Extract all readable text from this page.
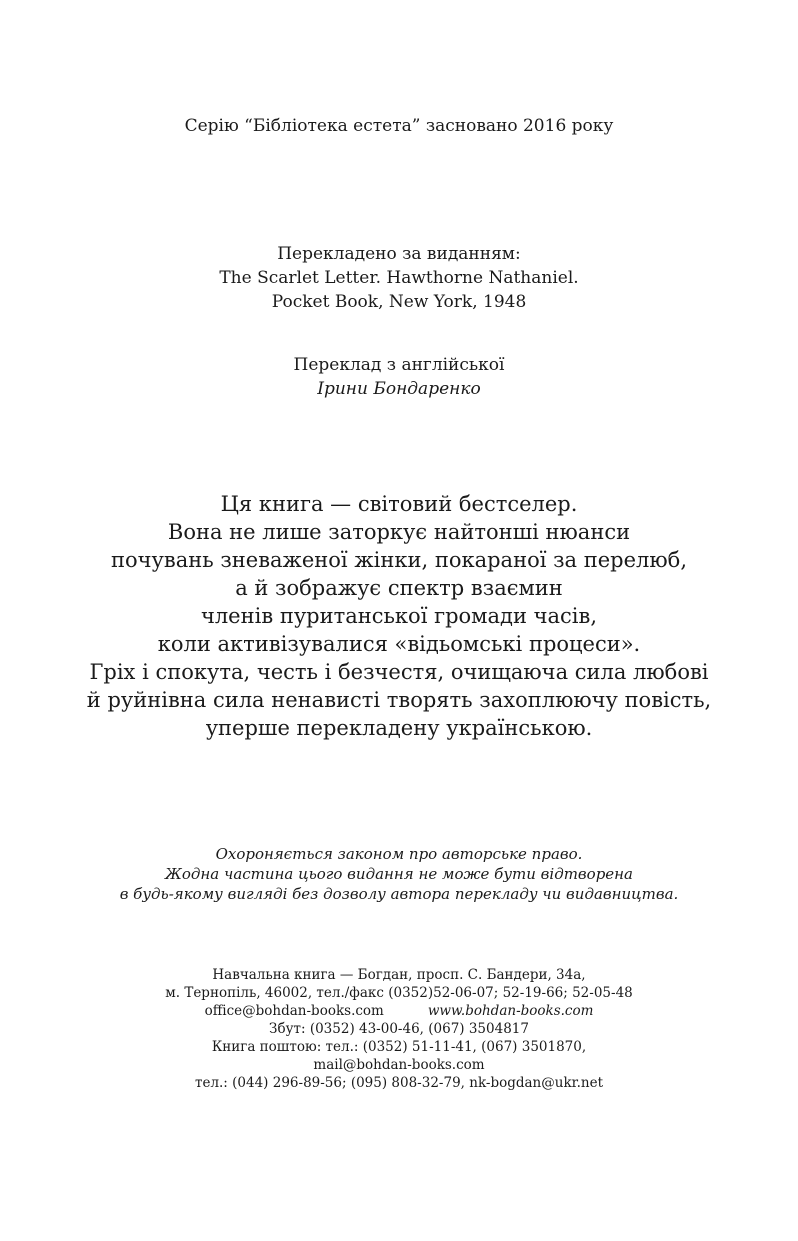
Серію “Бібліотека естета” засновано 2016 року
Перекладено за виданням:
The Scarlet Letter. Hawthorne Nathaniel.
Pocket Book, New York, 1948
Переклад з англійської
Ірини Бондаренко
Ця книга — світовий бестселер.
Вона не лише заторкує найтонші нюанси
почувань зневаженої жінки, покараної за перелюб,
а й зображує спектр взаємин
членів пуританської громади часів,
коли активізувалися «відьомські процеси».
Гріх і спокута, честь і безчестя, очищаюча сила любові
й руйнівна сила ненависті творять захоплюючу повість,
уперше перекладену українською.
Охороняється законом про авторське право.
Жодна частина цього видання не може бути відтворена
в будь-якому вигляді без дозволу автора перекладу чи видавництва.
Навчальна книга — Богдан, просп. С. Бандери, 34а,
м. Тернопіль, 46002, тел./факс (0352)52-06-07; 52-19-66; 52-05-48
office@bohdan-books.com	www.bohdan-books.com
Збут: (0352) 43-00-46, (067) 3504817
Книга поштою: тел.: (0352) 51-11-41, (067) 3501870,
mail@bohdan-books.com
тел.: (044) 296-89-56; (095) 808-32-79, nk-bogdan@ukr.net
